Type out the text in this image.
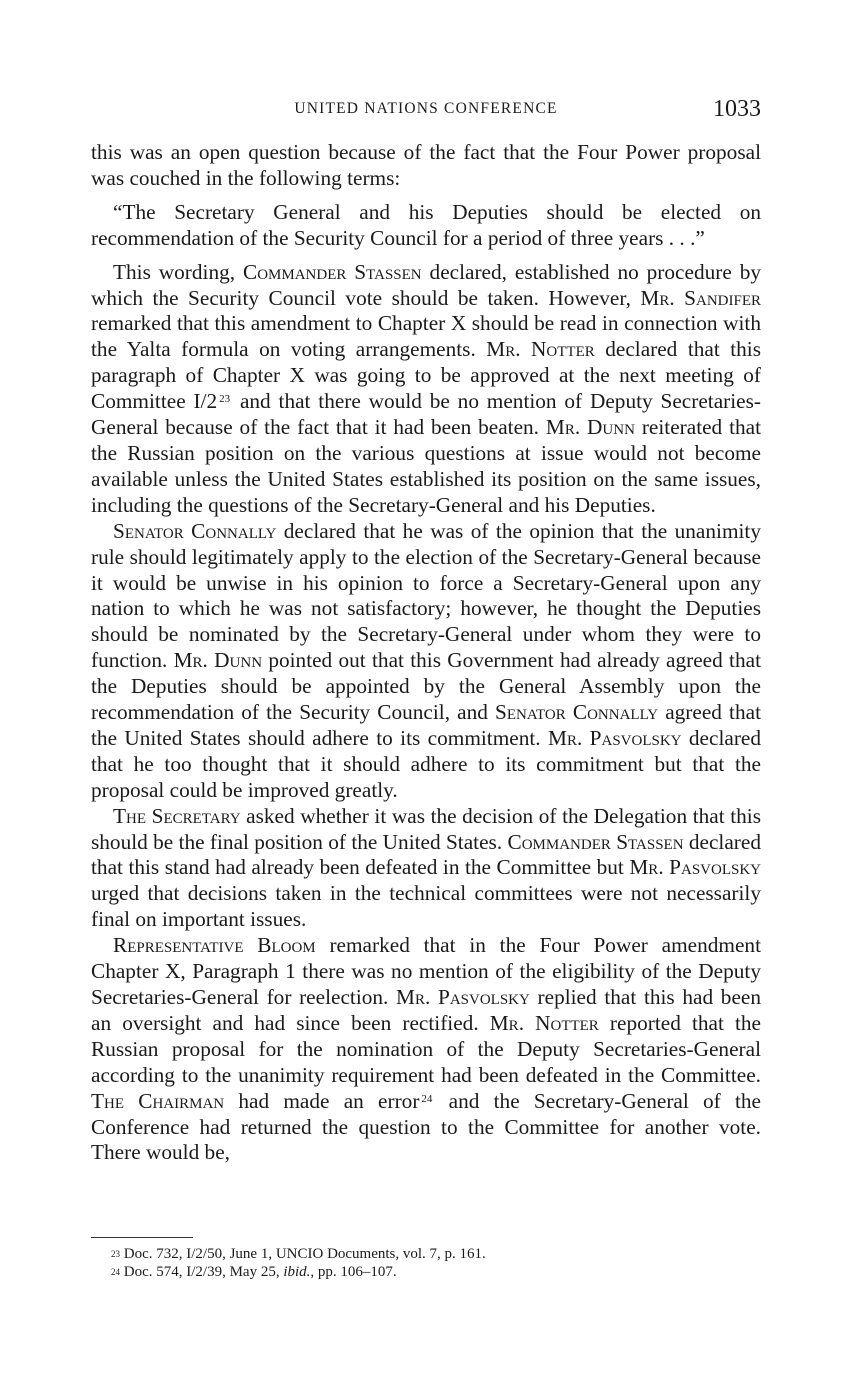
UNITED NATIONS CONFERENCE	1033

this was an open question because of the fact that the Four Power proposal was couched in the following terms:

“The Secretary General and his Deputies should be elected on recommendation of the Security Council for a period of three years . . .”

This wording, Commander Stassen declared, established no procedure by which the Security Council vote should be taken. However, Mr. Sandifer remarked that this amendment to Chapter X should be read in connection with the Yalta formula on voting arrangements. Mr. Notter declared that this paragraph of Chapter X was going to be approved at the next meeting of Committee I/2 $^{23}$ and that there would be no mention of Deputy Secretaries-General because of the fact that it had been beaten. Mr. Dunn reiterated that the Russian position on the various questions at issue would not become available unless the United States established its position on the same issues, including the questions of the Secretary-General and his Deputies.

Senator Connally declared that he was of the opinion that the unanimity rule should legitimately apply to the election of the Secretary-General because it would be unwise in his opinion to force a Secretary-General upon any nation to which he was not satisfactory; however, he thought the Deputies should be nominated by the Secretary-General under whom they were to function. Mr. Dunn pointed out that this Government had already agreed that the Deputies should be appointed by the General Assembly upon the recommendation of the Security Council, and Senator Connally agreed that the United States should adhere to its commitment. Mr. Pasvolsky declared that he too thought that it should adhere to its commitment but that the proposal could be improved greatly.

The Secretary asked whether it was the decision of the Delegation that this should be the final position of the United States. Commander Stassen declared that this stand had already been defeated in the Committee but Mr. Pasvolsky urged that decisions taken in the technical committees were not necessarily final on important issues.

Representative Bloom remarked that in the Four Power amendment Chapter X, Paragraph 1 there was no mention of the eligibility of the Deputy Secretaries-General for reelection. Mr. Pasvolsky replied that this had been an oversight and had since been rectified. Mr. Notter reported that the Russian proposal for the nomination of the Deputy Secretaries-General according to the unanimity requirement had been defeated in the Committee. The Chairman had made an error $^{24}$ and the Secretary-General of the Conference had returned the question to the Committee for another vote. There would be,

$^{23}$ Doc. 732, I/2/50, June 1, UNCIO Documents, vol. 7, p. 161.
$^{24}$ Doc. 574, I/2/39, May 25, ibid., pp. 106–107.
